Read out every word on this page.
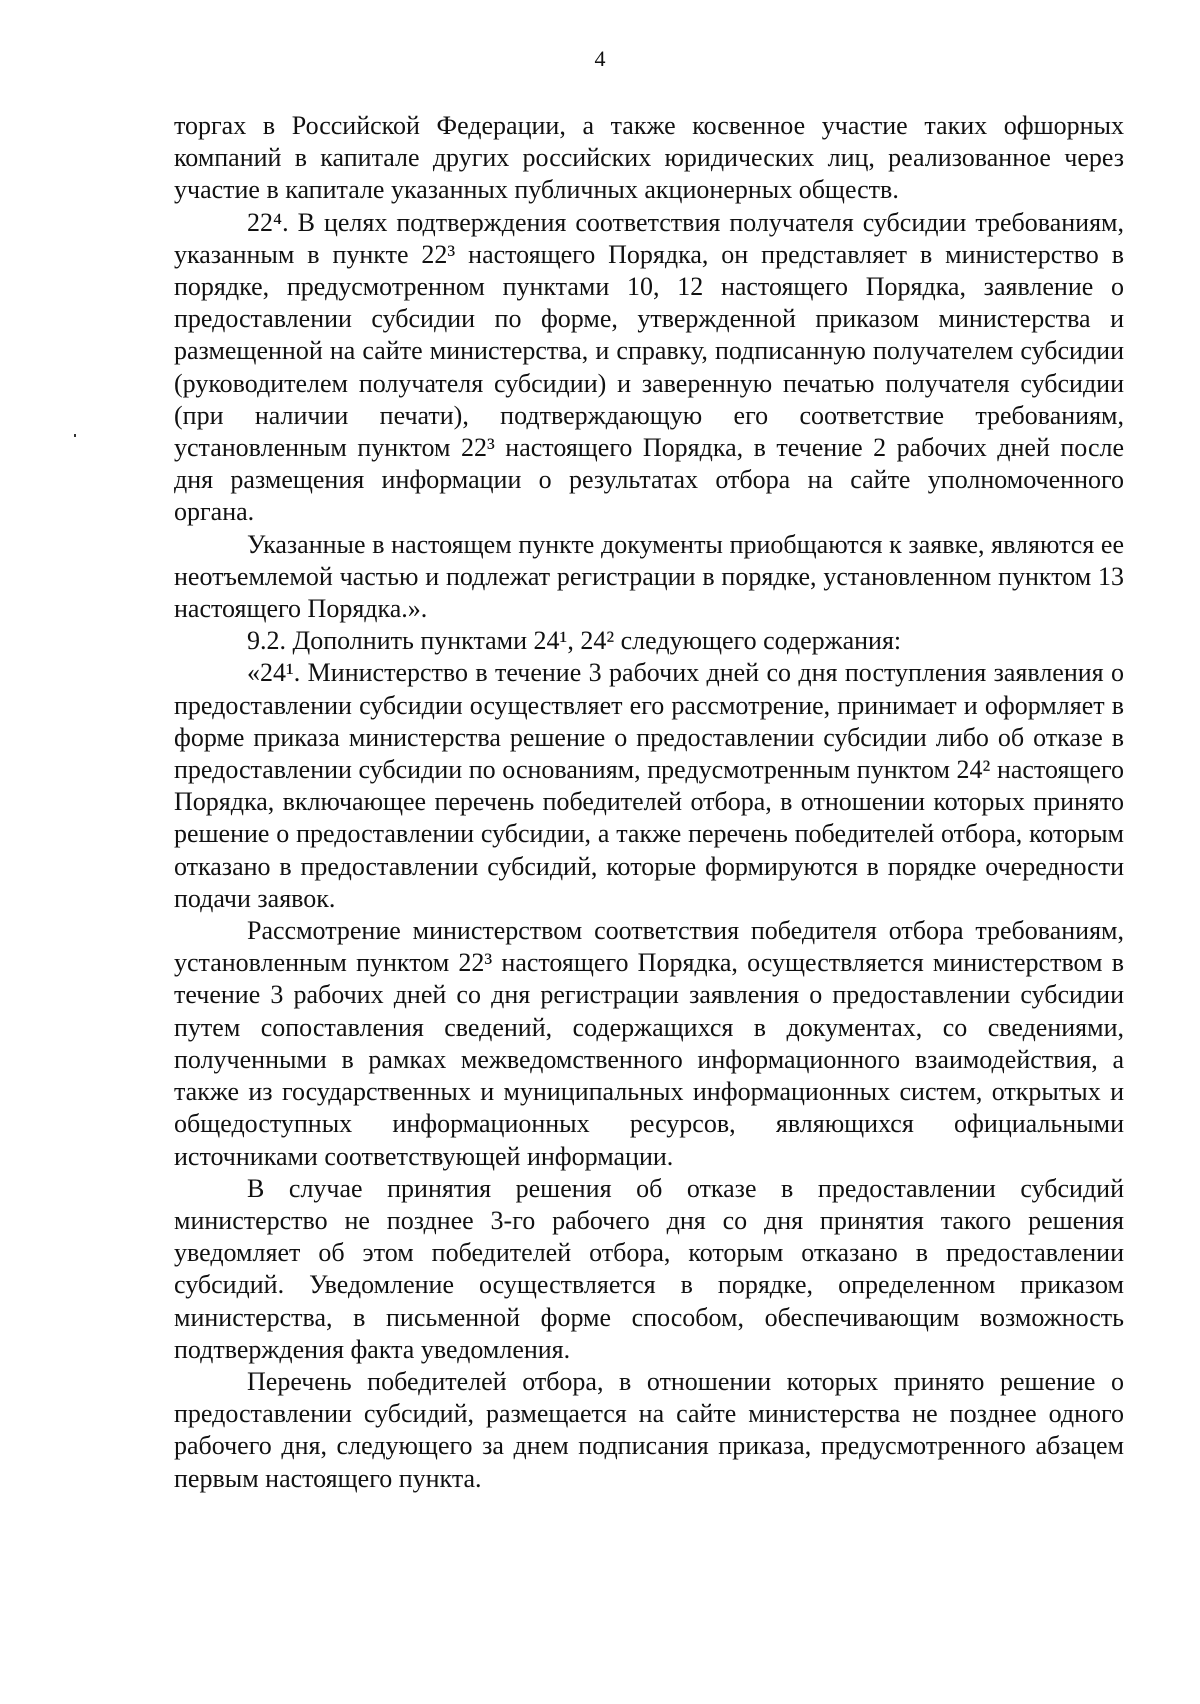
4

торгах в Российской Федерации, а также косвенное участие таких офшорных компаний в капитале других российских юридических лиц, реализованное через участие в капитале указанных публичных акционерных обществ.

22⁴. В целях подтверждения соответствия получателя субсидии требованиям, указанным в пункте 22³ настоящего Порядка, он представляет в министерство в порядке, предусмотренном пунктами 10, 12 настоящего Порядка, заявление о предоставлении субсидии по форме, утвержденной приказом министерства и размещенной на сайте министерства, и справку, подписанную получателем субсидии (руководителем получателя субсидии) и заверенную печатью получателя субсидии (при наличии печати), подтверждающую его соответствие требованиям, установленным пунктом 22³ настоящего Порядка, в течение 2 рабочих дней после дня размещения информации о результатах отбора на сайте уполномоченного органа.

Указанные в настоящем пункте документы приобщаются к заявке, являются ее неотъемлемой частью и подлежат регистрации в порядке, установленном пунктом 13 настоящего Порядка.».

9.2. Дополнить пунктами 24¹, 24² следующего содержания:

«24¹. Министерство в течение 3 рабочих дней со дня поступления заявления о предоставлении субсидии осуществляет его рассмотрение, принимает и оформляет в форме приказа министерства решение о предоставлении субсидии либо об отказе в предоставлении субсидии по основаниям, предусмотренным пунктом 24² настоящего Порядка, включающее перечень победителей отбора, в отношении которых принято решение о предоставлении субсидии, а также перечень победителей отбора, которым отказано в предоставлении субсидий, которые формируются в порядке очередности подачи заявок.

Рассмотрение министерством соответствия победителя отбора требованиям, установленным пунктом 22³ настоящего Порядка, осуществляется министерством в течение 3 рабочих дней со дня регистрации заявления о предоставлении субсидии путем сопоставления сведений, содержащихся в документах, со сведениями, полученными в рамках межведомственного информационного взаимодействия, а также из государственных и муниципальных информационных систем, открытых и общедоступных информационных ресурсов, являющихся официальными источниками соответствующей информации.

В случае принятия решения об отказе в предоставлении субсидий министерство не позднее 3-го рабочего дня со дня принятия такого решения уведомляет об этом победителей отбора, которым отказано в предоставлении субсидий. Уведомление осуществляется в порядке, определенном приказом министерства, в письменной форме способом, обеспечивающим возможность подтверждения факта уведомления.

Перечень победителей отбора, в отношении которых принято решение о предоставлении субсидий, размещается на сайте министерства не позднее одного рабочего дня, следующего за днем подписания приказа, предусмотренного абзацем первым настоящего пункта.
